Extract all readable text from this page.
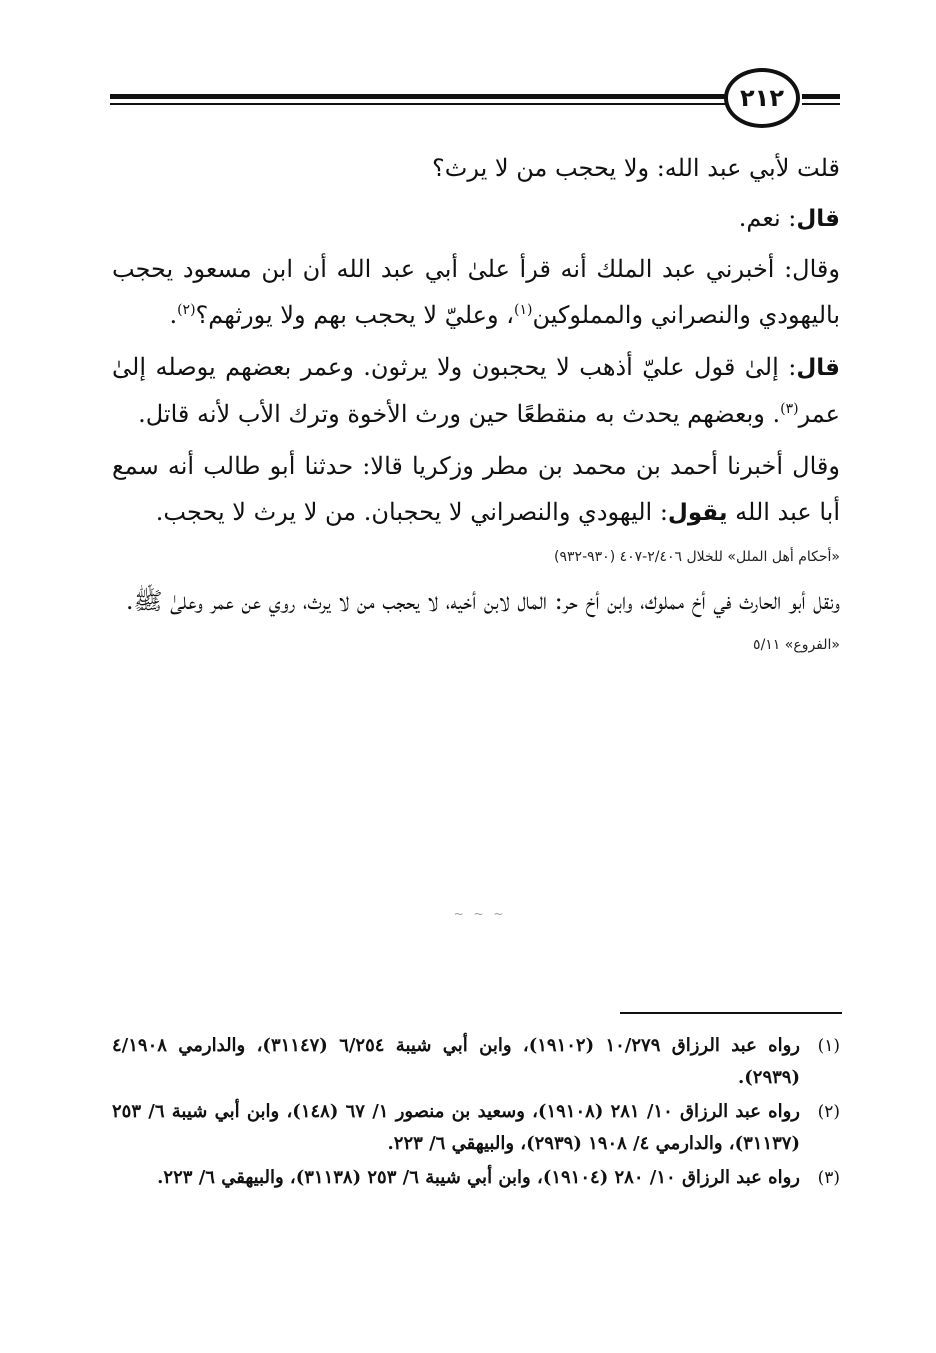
٢١٢

قلت لأبي عبد الله: ولا يحجب من لا يرث؟

قال: نعم.

وقال: أخبرني عبد الملك أنه قرأ علىٰ أبي عبد الله أن ابن مسعود يحجب باليهودي والنصراني والمملوكين$^{(١)}$، وعليّ لا يحجب بهم ولا يورثهم؟$^{(٢)}$.

قال: إلىٰ قول عليّ أذهب لا يحجبون ولا يرثون. وعمر بعضهم يوصله إلىٰ عمر$^{(٣)}$. وبعضهم يحدث به منقطعًا حين ورث الأخوة وترك الأب لأنه قاتل.

وقال أخبرنا أحمد بن محمد بن مطر وزكريا قالا: حدثنا أبو طالب أنه سمع أبا عبد الله يقول: اليهودي والنصراني لا يحجبان. من لا يرث لا يحجب.

«أحكام أهل الملل» للخلال ٢/٤٠٦-٤٠٧ (٩٣٠-٩٣٢)

ونقل أبو الحارث في أخ مملوك، وابن أخ حر: المال لابن أخيه، لا يحجب من لا يرث، روي عن عمر وعلىٰ ﷺ.

«الفروع» ٥/١١
~ ~ ~
(١)
رواه عبد الرزاق ١٠/٢٧٩ (١٩١٠٢)، وابن أبي شيبة ٦/٢٥٤ (٣١١٤٧)، والدارمي ٤/١٩٠٨ (٢٩٣٩).
(٢)
رواه عبد الرزاق ١٠/ ٢٨١ (١٩١٠٨)، وسعيد بن منصور ١/ ٦٧ (١٤٨)، وابن أبي شيبة ٦/ ٢٥٣ (٣١١٣٧)، والدارمي ٤/ ١٩٠٨ (٢٩٣٩)، والبيهقي ٦/ ٢٢٣.
(٣)
رواه عبد الرزاق ١٠/ ٢٨٠ (١٩١٠٤)، وابن أبي شيبة ٦/ ٢٥٣ (٣١١٣٨)، والبيهقي ٦/ ٢٢٣.
